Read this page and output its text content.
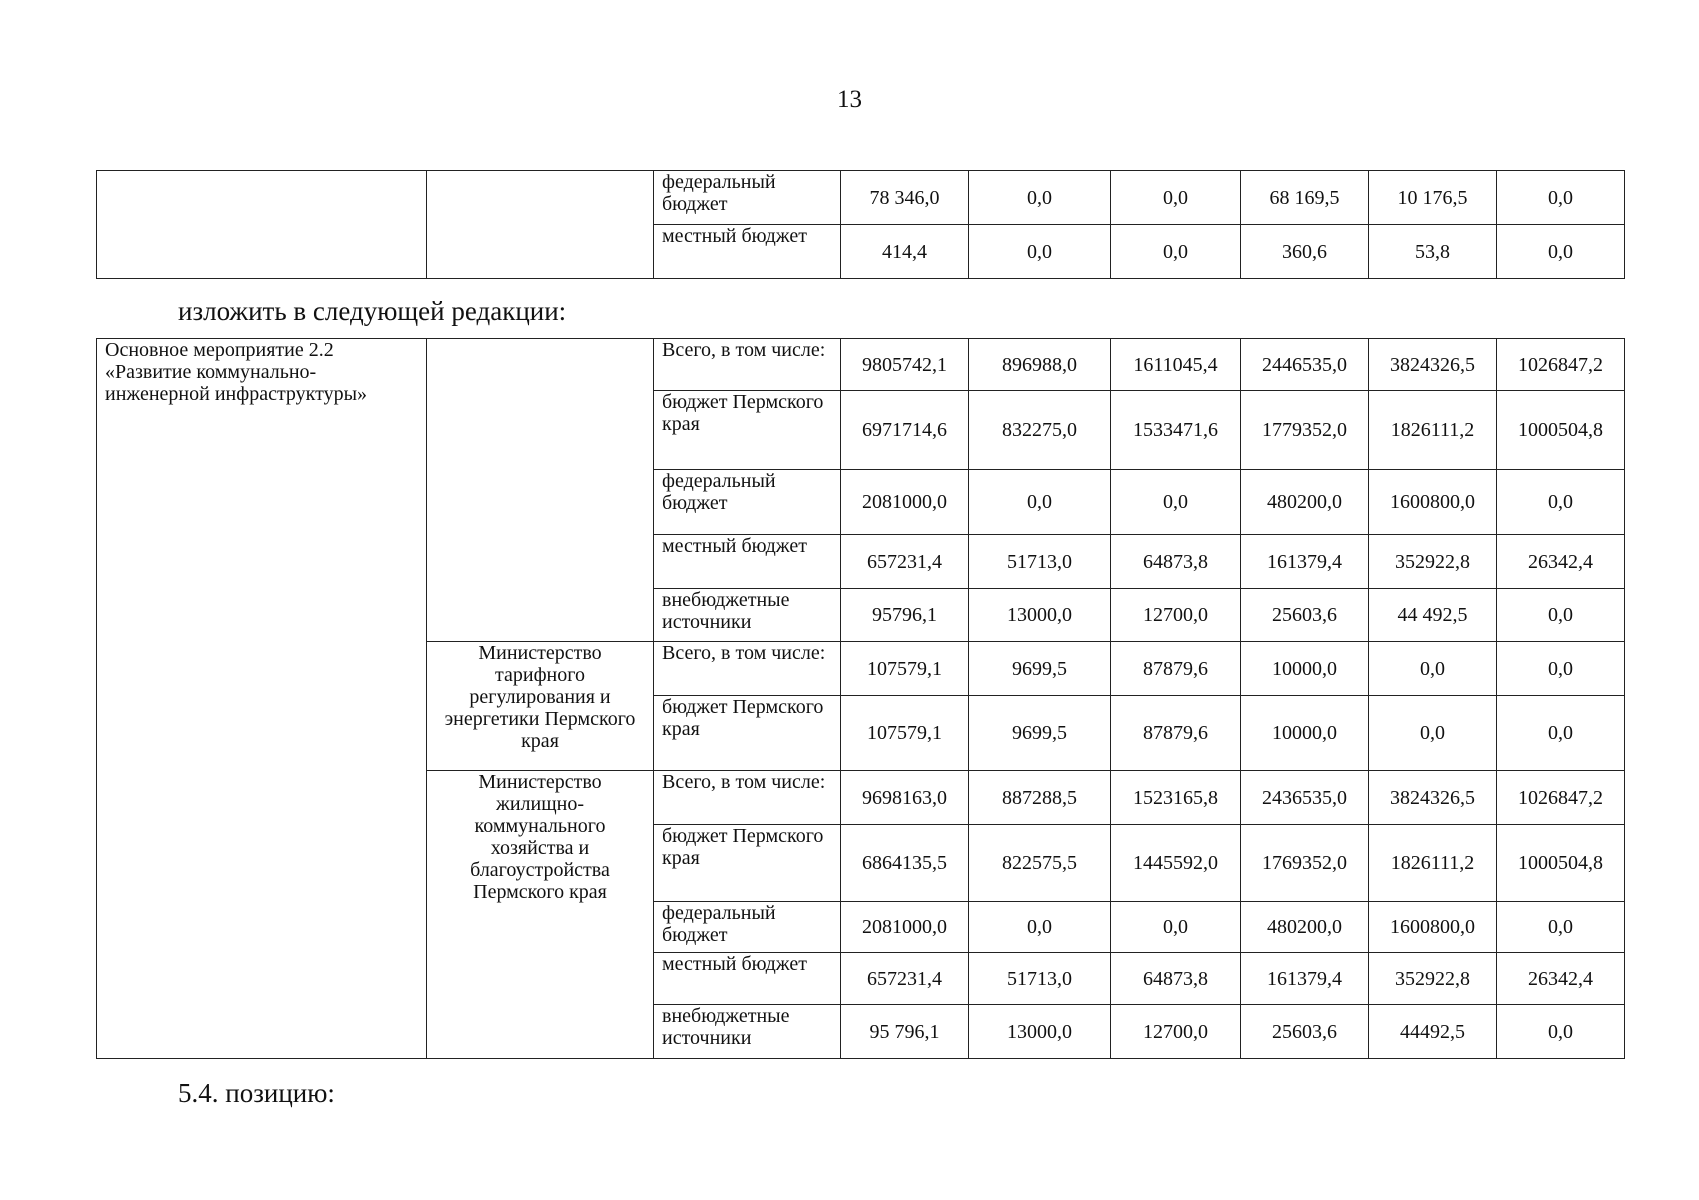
13
		федеральный бюджет	78 346,0	0,0	0,0	68 169,5	10 176,5	0,0
		местный бюджет	414,4	0,0	0,0	360,6	53,8	0,0
изложить в следующей редакции:
Основное мероприятие 2.2 «Развитие коммунально-инженерной инфраструктуры»		Всего, в том числе:	9805742,1	896988,0	1611045,4	2446535,0	3824326,5	1026847,2
		бюджет Пермского края	6971714,6	832275,0	1533471,6	1779352,0	1826111,2	1000504,8
		федеральный бюджет	2081000,0	0,0	0,0	480200,0	1600800,0	0,0
		местный бюджет	657231,4	51713,0	64873,8	161379,4	352922,8	26342,4
		внебюджетные источники	95796,1	13000,0	12700,0	25603,6	44 492,5	0,0
	Министерство тарифного регулирования и энергетики Пермского края	Всего, в том числе:	107579,1	9699,5	87879,6	10000,0	0,0	0,0
		бюджет Пермского края	107579,1	9699,5	87879,6	10000,0	0,0	0,0
	Министерство жилищно-коммунального хозяйства и благоустройства Пермского края	Всего, в том числе:	9698163,0	887288,5	1523165,8	2436535,0	3824326,5	1026847,2
		бюджет Пермского края	6864135,5	822575,5	1445592,0	1769352,0	1826111,2	1000504,8
		федеральный бюджет	2081000,0	0,0	0,0	480200,0	1600800,0	0,0
		местный бюджет	657231,4	51713,0	64873,8	161379,4	352922,8	26342,4
		внебюджетные источники	95 796,1	13000,0	12700,0	25603,6	44492,5	0,0
5.4. позицию:
